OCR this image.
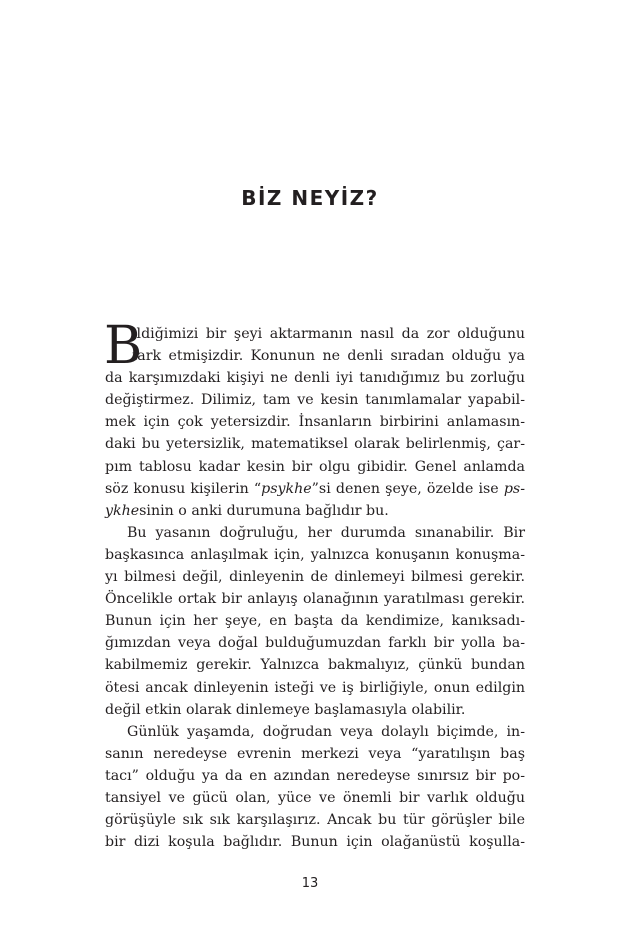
BİZ NEYİZ?
B
ildiğimizi bir şeyi aktarmanın nasıl da zor olduğunu
fark etmişizdir. Konunun ne denli sıradan olduğu ya
da karşımızdaki kişiyi ne denli iyi tanıdığımız bu zorluğu
değiştirmez. Dilimiz, tam ve kesin tanımlamalar yapabil-
mek için çok yetersizdir. İnsanların birbirini anlamasın-
daki bu yetersizlik, matematiksel olarak belirlenmiş, çar-
pım tablosu kadar kesin bir olgu gibidir. Genel anlamda
söz konusu kişilerin “psykhe”si denen şeye, özelde ise ps-
ykhesinin o anki durumuna bağlıdır bu.
Bu yasanın doğruluğu, her durumda sınanabilir. Bir
başkasınca anlaşılmak için, yalnızca konuşanın konuşma-
yı bilmesi değil, dinleyenin de dinlemeyi bilmesi gerekir.
Öncelikle ortak bir anlayış olanağının yaratılması gerekir.
Bunun için her şeye, en başta da kendimize, kanıksadı-
ğımızdan veya doğal bulduğumuzdan farklı bir yolla ba-
kabilmemiz gerekir. Yalnızca bakmalıyız, çünkü bundan
ötesi ancak dinleyenin isteği ve iş birliğiyle, onun edilgin
değil etkin olarak dinlemeye başlamasıyla olabilir.
Günlük yaşamda, doğrudan veya dolaylı biçimde, in-
sanın neredeyse evrenin merkezi veya “yaratılışın baş
tacı” olduğu ya da en azından neredeyse sınırsız bir po-
tansiyel ve gücü olan, yüce ve önemli bir varlık olduğu
görüşüyle sık sık karşılaşırız. Ancak bu tür görüşler bile
bir dizi koşula bağlıdır. Bunun için olağanüstü koşulla-
13
